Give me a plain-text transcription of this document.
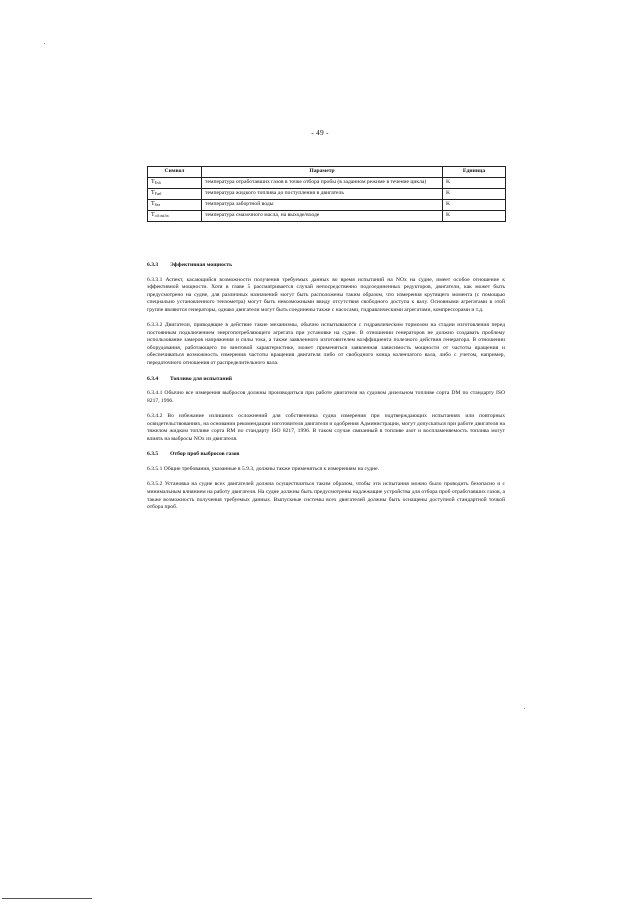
- 49 -
Символ	Параметр	Единица
$T_{Exh}$	температура отработавших газов в точке отбора пробы (в заданном режиме в течение цикла)	K
$T_{Fuel}$	температура жидкого топлива до поступления в двигатель	K
$T_{Sea}$	температура забортной воды	K
$T_{oil out/in}$	температура смазочного масла, на выходе/входе	K

6.3.3 Эффективная мощность

6.3.3.1 Аспект, касающийся возможности получения требуемых данных во время испытаний на NOx на судне, имеет особое отношение к эффективной мощности. Хотя в главе 5 рассматривается случай непосредственно подсоединенных редукторов, двигатели, как может быть предусмотрено на судне, для различных назначений могут быть расположены таким образом, что измерения крутящего момента (с помощью специально установленного тензометра) могут быть невозможными ввиду отсутствия свободного доступа к валу. Основными агрегатами в этой группе являются генераторы, однако двигатели могут быть соединены также с насосами, гидравлическими агрегатами, компрессорами и т.д.

6.3.3.2 Двигатели, приводящие в действие такие механизмы, обычно испытываются с гидравлическим тормозом на стадии изготовления перед постоянным подключением энергопотребляющего агрегата при установке на судне. В отношении генераторов не должно создавать проблему использование замеров напряжения и силы тока, а также заявленного изготовителем коэффициента полезного действия генератора. В отношении оборудования, работающего по винтовой характеристике, может применяться заявленная зависимость мощности от частоты вращения и обеспечиваться возможность измерения частоты вращения двигателя либо от свободного конца коленчатого вала, либо с учетом, например, передаточного отношения от распределительного вала.

6.3.4 Топливо для испытаний

6.3.4.1 Обычно все измерения выбросов должны производиться при работе двигателя на судовом дизельном топливе сорта DM по стандарту ISO 8217, 1996.

6.3.4.2 Во избежание излишних осложнений для собственника судна измерения при подтверждающих испытаниях или повторных освидетельствованиях, на основании рекомендации изготовителя двигателя и одобрения Администрации, могут допускаться при работе двигателя на тяжелом жидком топливе сорта RM по стандарту ISO 8217, 1996. В таком случае связанный в топливе азот и воспламеняемость топлива могут влиять на выбросы NOx из двигателя.

6.3.5 Отбор проб выбросов газов

6.3.5.1 Общие требования, указанные в 5.9.3, должны также применяться к измерениям на судне.

6.3.5.2 Установка на судне всех двигателей должна осуществляться таким образом, чтобы эти испытания можно было проводить безопасно и с минимальным влиянием на работу двигателя. На судне должны быть предусмотрены надлежащие устройства для отбора проб отработавших газов, а также возможность получения требуемых данных. Выпускные системы всех двигателей должны быть оснащены доступной стандартной точкой отбора проб.
